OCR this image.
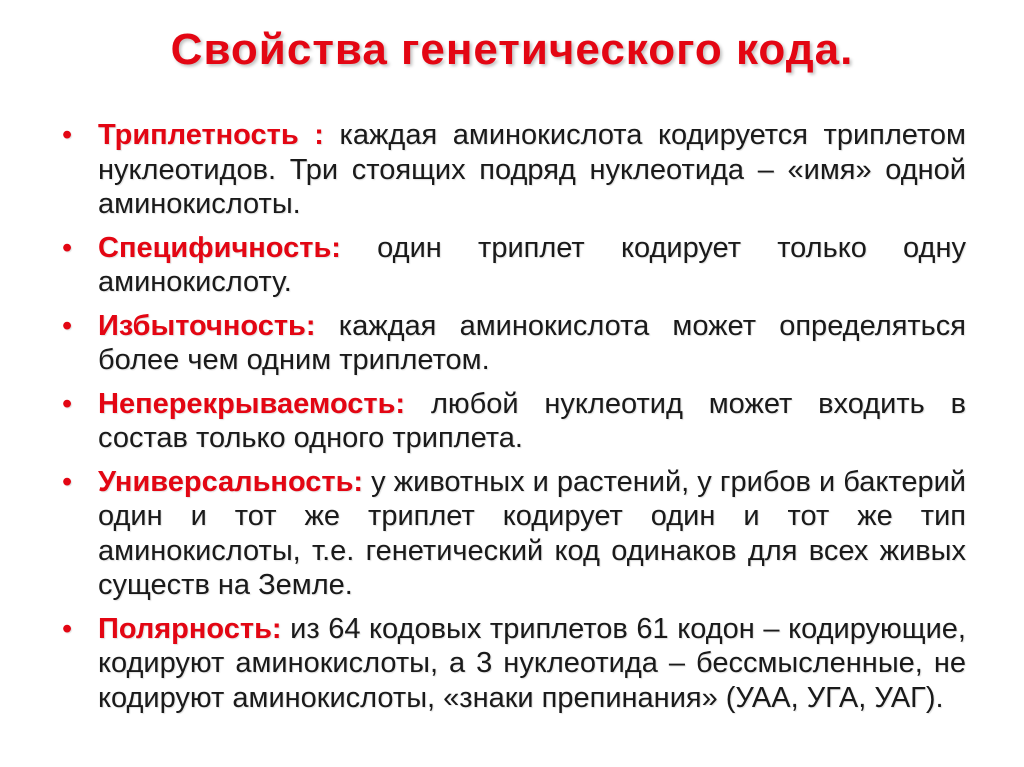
Свойства генетического кода.
• Триплетность : каждая аминокислота кодируется триплетом нуклеотидов. Три стоящих подряд нуклеотида – «имя» одной аминокислоты.
• Специфичность: один триплет кодирует только одну аминокислоту.
• Избыточность: каждая аминокислота может определяться более чем одним триплетом.
• Неперекрываемость: любой нуклеотид может входить в состав только одного триплета.
• Универсальность: у животных и растений, у грибов и бактерий один и тот же триплет кодирует один и тот же тип аминокислоты, т.е. генетический код одинаков для всех живых существ на Земле.
• Полярность: из 64 кодовых триплетов 61 кодон – кодирующие, кодируют аминокислоты, а 3 нуклеотида – бессмысленные, не кодируют аминокислоты, «знаки препинания» (УАА, УГА, УАГ).
